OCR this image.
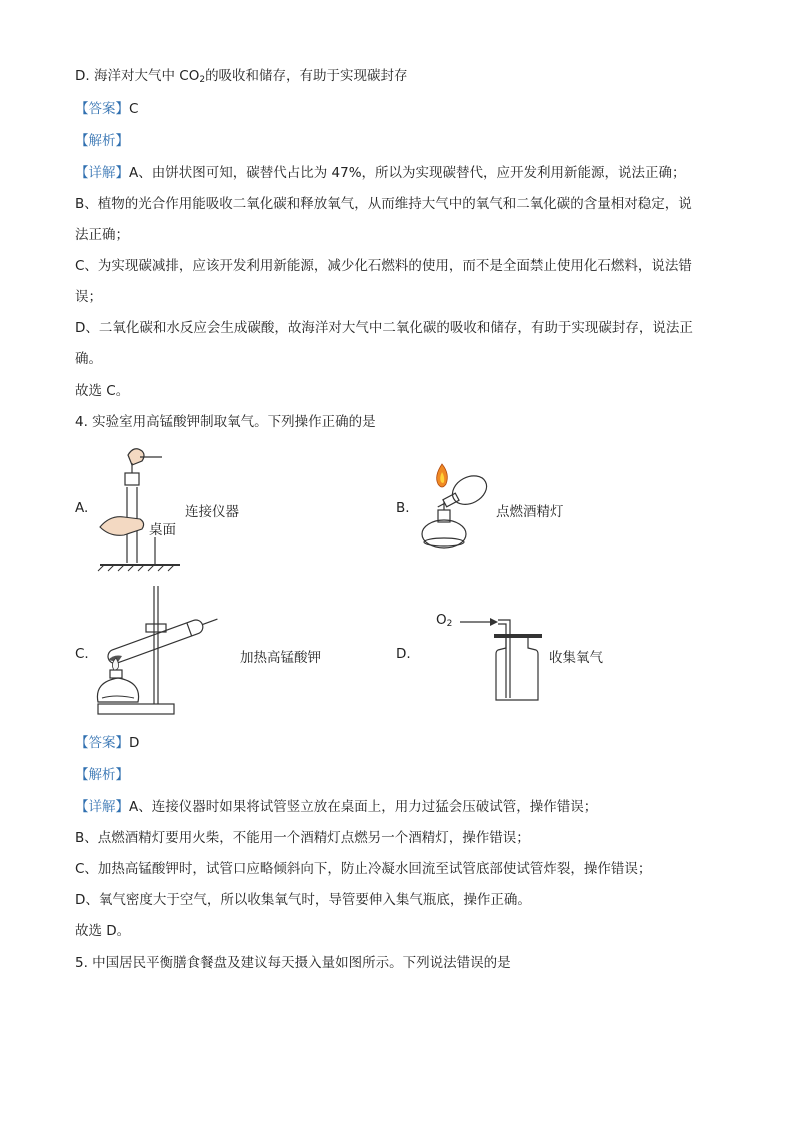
D. 海洋对大气中 $CO_2$的吸收和储存，有助于实现碳封存
【答案】C
【解析】
【详解】A、由饼状图可知，碳替代占比为 47%，所以为实现碳替代，应开发利用新能源，说法正确；
B、植物的光合作用能吸收二氧化碳和释放氧气，从而维持大气中的氧气和二氧化碳的含量相对稳定，说
法正确；
C、为实现碳减排，应该开发利用新能源，减少化石燃料的使用，而不是全面禁止使用化石燃料，说法错
误；
D、二氧化碳和水反应会生成碳酸，故海洋对大气中二氧化碳的吸收和储存，有助于实现碳封存，说法正
确。
故选 C。
4. 实验室用高锰酸钾制取氧气。下列操作正确的是
A.	连接仪器
桌面
B.	点燃酒精灯
C.	加热高锰酸钾	D.
$O_2$
收集氧气
【答案】D
【解析】
【详解】A、连接仪器时如果将试管竖立放在桌面上，用力过猛会压破试管，操作错误；
B、点燃酒精灯要用火柴，不能用一个酒精灯点燃另一个酒精灯，操作错误；
C、加热高锰酸钾时，试管口应略倾斜向下，防止冷凝水回流至试管底部使试管炸裂，操作错误；
D、氧气密度大于空气，所以收集氧气时，导管要伸入集气瓶底，操作正确。
故选 D。
5. 中国居民平衡膳食餐盘及建议每天摄入量如图所示。下列说法错误的是
